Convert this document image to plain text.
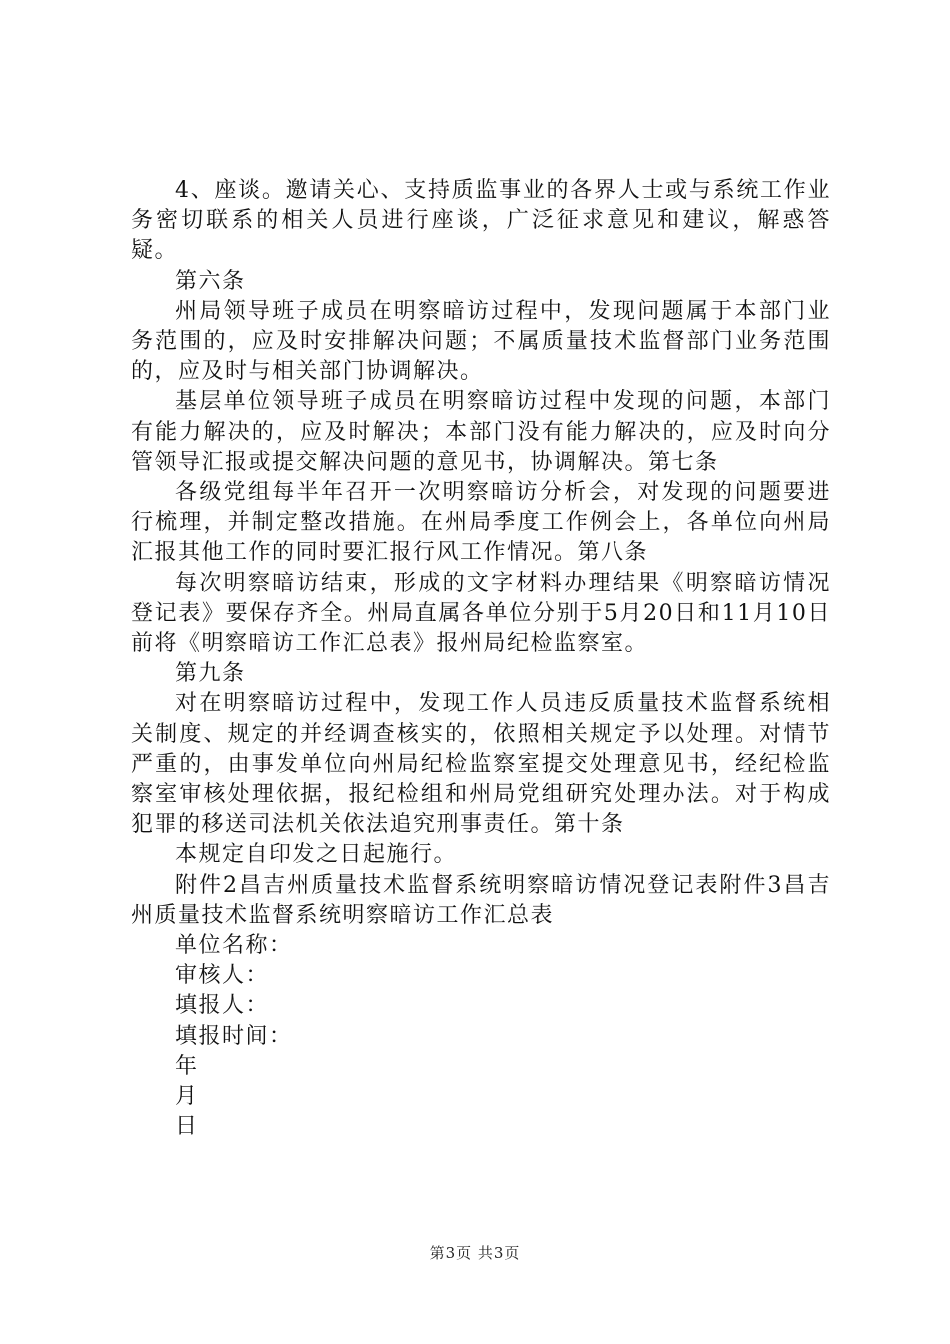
4、座谈。邀请关心、支持质监事业的各界人士或与系统工作业务密切联系的相关人员进行座谈，广泛征求意见和建议，解惑答疑。

第六条

州局领导班子成员在明察暗访过程中，发现问题属于本部门业务范围的，应及时安排解决问题；不属质量技术监督部门业务范围的，应及时与相关部门协调解决。

基层单位领导班子成员在明察暗访过程中发现的问题，本部门有能力解决的，应及时解决；本部门没有能力解决的，应及时向分管领导汇报或提交解决问题的意见书，协调解决。第七条

各级党组每半年召开一次明察暗访分析会，对发现的问题要进行梳理，并制定整改措施。在州局季度工作例会上，各单位向州局汇报其他工作的同时要汇报行风工作情况。第八条

每次明察暗访结束，形成的文字材料办理结果《明察暗访情况登记表》要保存齐全。州局直属各单位分别于5月20日和11月10日前将《明察暗访工作汇总表》报州局纪检监察室。

第九条

对在明察暗访过程中，发现工作人员违反质量技术监督系统相关制度、规定的并经调查核实的，依照相关规定予以处理。对情节严重的，由事发单位向州局纪检监察室提交处理意见书，经纪检监察室审核处理依据，报纪检组和州局党组研究处理办法。对于构成犯罪的移送司法机关依法追究刑事责任。第十条

本规定自印发之日起施行。

附件2昌吉州质量技术监督系统明察暗访情况登记表附件3昌吉州质量技术监督系统明察暗访工作汇总表

单位名称：

审核人：

填报人：

填报时间：

年

月

日

第3页 共3页
